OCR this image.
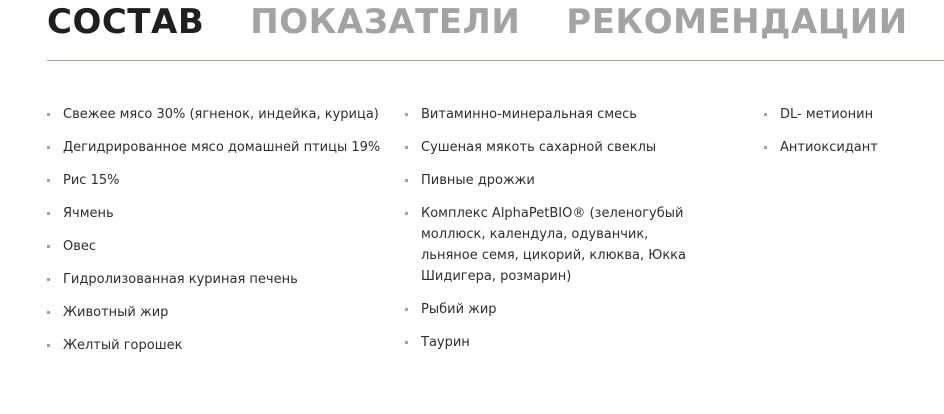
СОСТАВ ПОКАЗАТЕЛИ РЕКОМЕНДАЦИИ
Свежее мясо 30% (ягненок, индейка, курица)
Дегидрированное мясо домашней птицы 19%
Рис 15%
Ячмень
Овес
Гидролизованная куриная печень
Животный жир
Желтый горошек
Витаминно-минеральная смесь
Сушеная мякоть сахарной свеклы
Пивные дрожжи
Комплекс AlphaPetBIO® (зеленогубый моллюск, календула, одуванчик, льняное семя, цикорий, клюква, Юкка Шидигера, розмарин)
Рыбий жир
Таурин
DL- метионин
Антиоксидант
